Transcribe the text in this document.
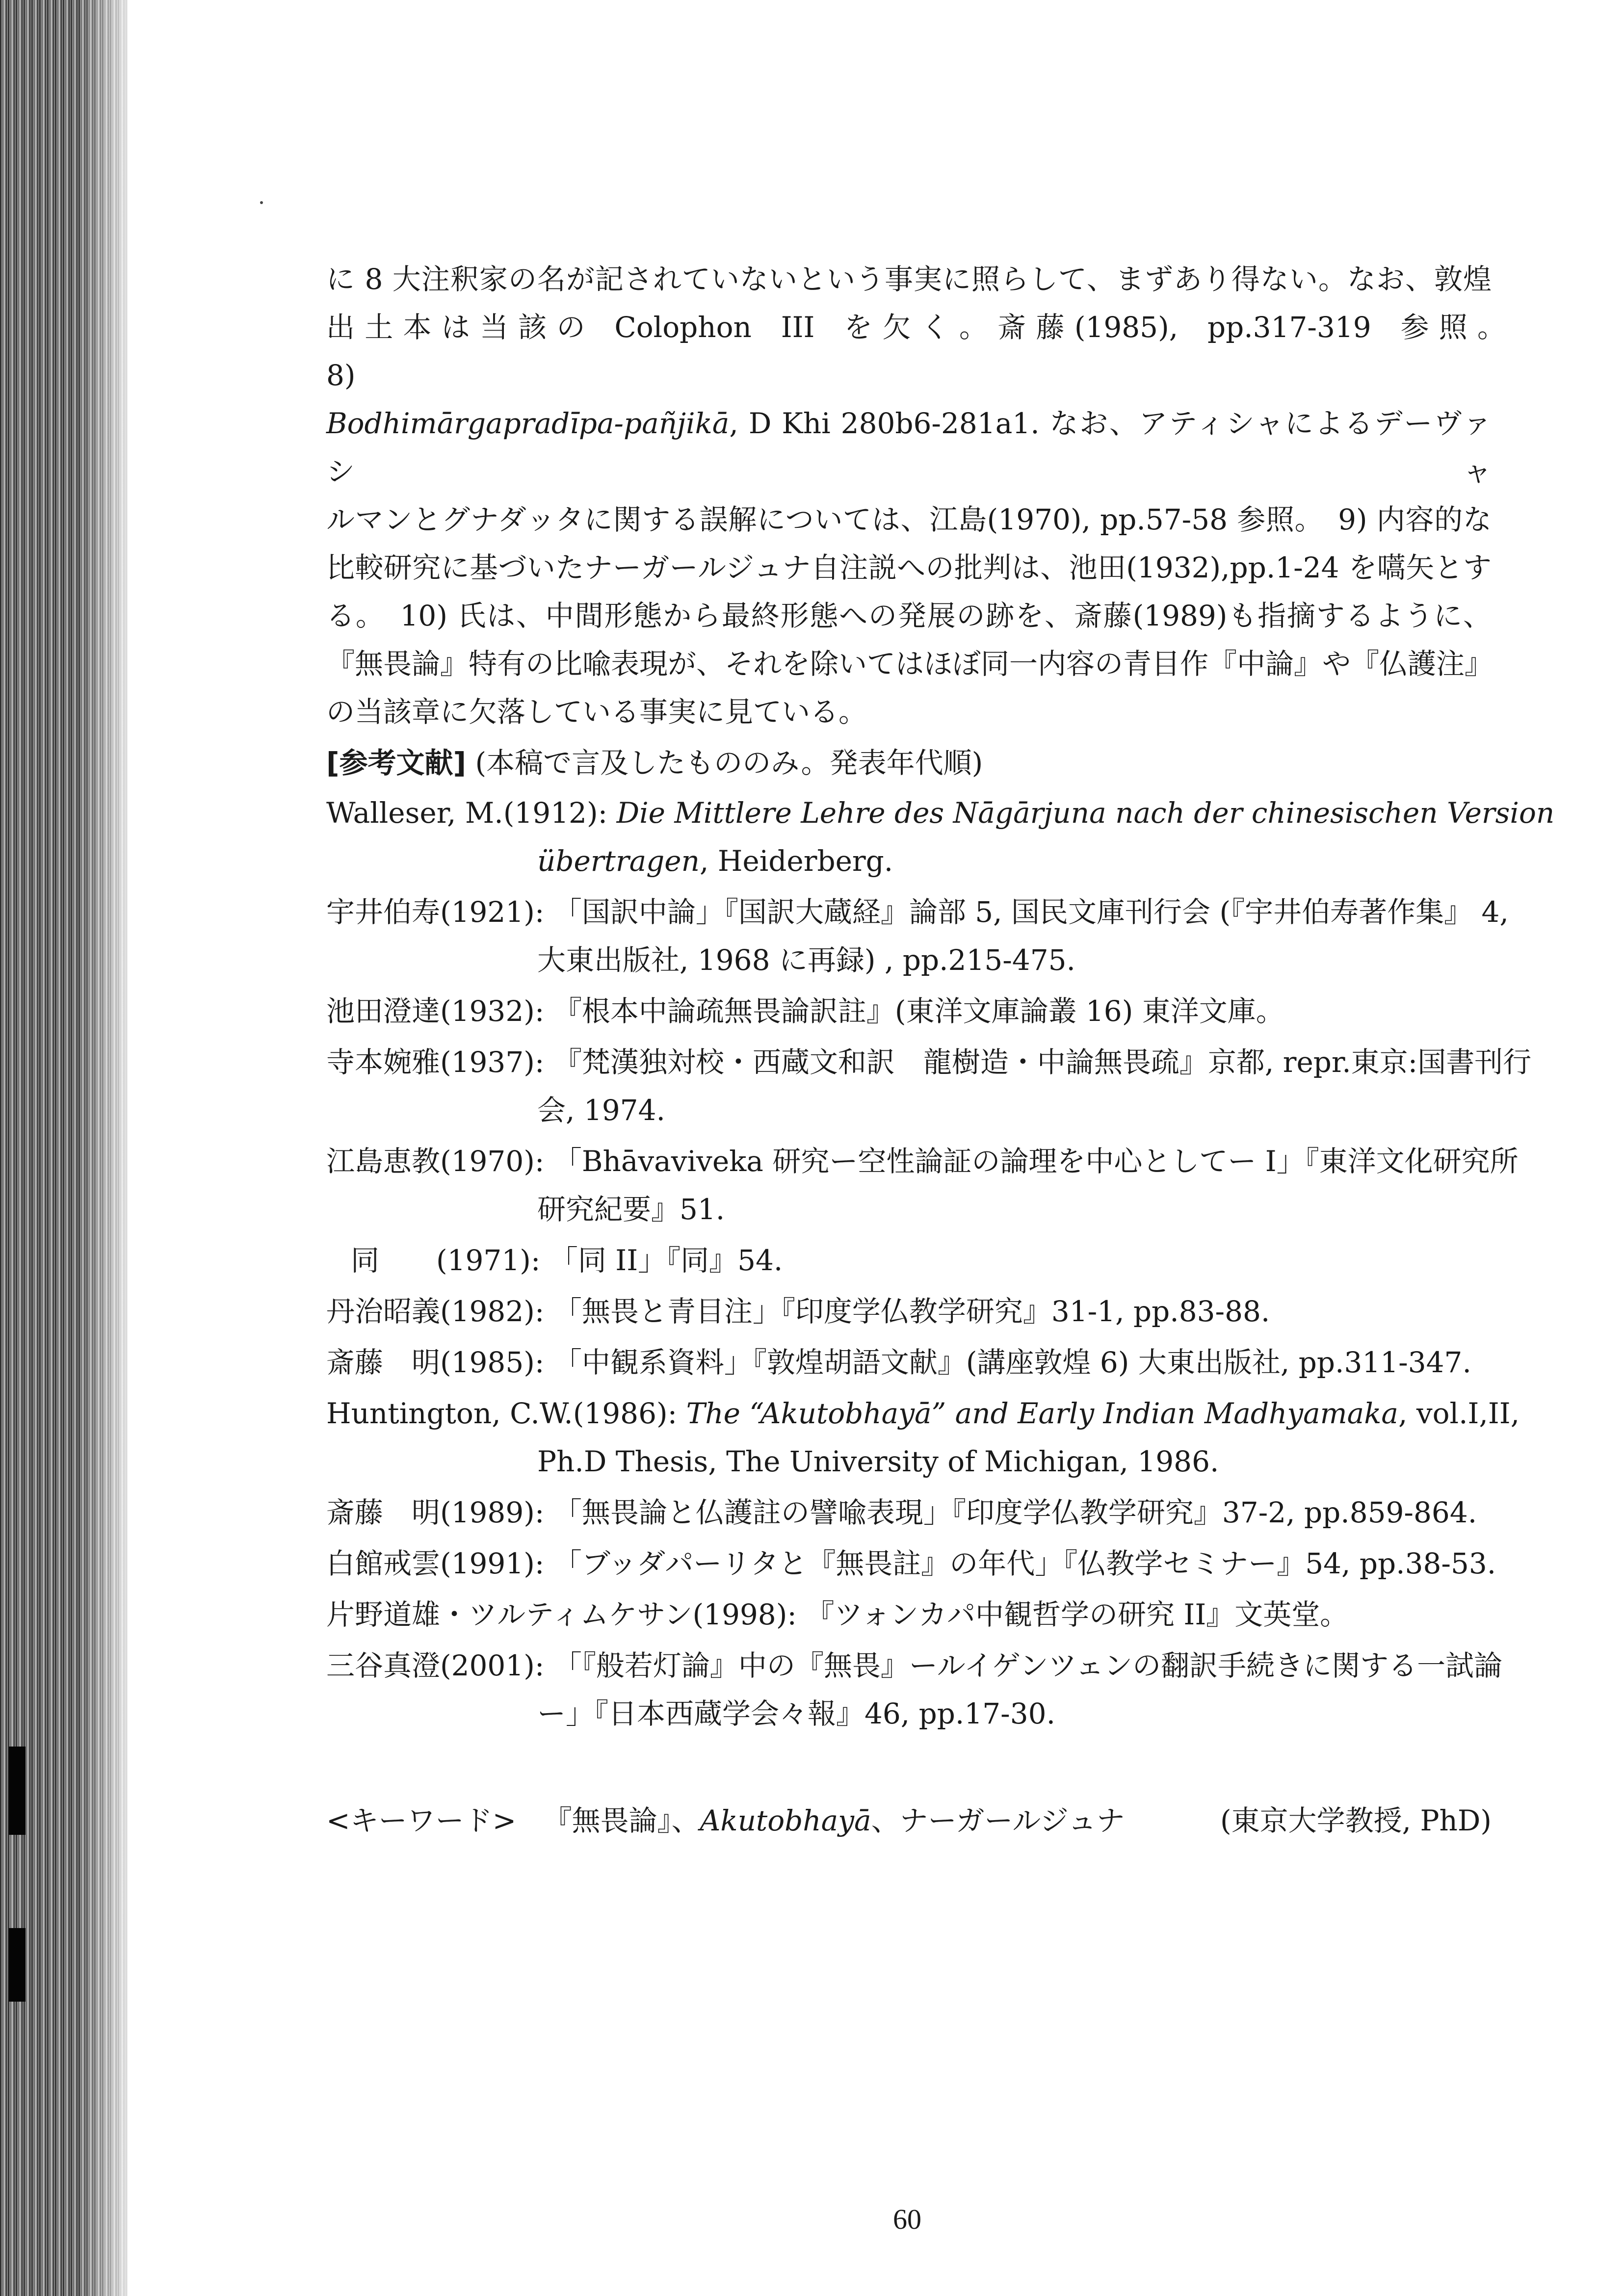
に 8 大注釈家の名が記されていないという事実に照らして、まずあり得ない。なお、敦煌
出 土 本 は 当 該 の　Colophon　III　を 欠 く 。 斎 藤 (1985),　pp.317-319　参 照 。　8)
Bodhimārgapradīpa-pañjikā, D Khi 280b6-281a1. なお、アティシャによるデーヴァシャ
ルマンとグナダッタに関する誤解については、江島(1970), pp.57-58 参照。　9) 内容的な
比較研究に基づいたナーガールジュナ自注説への批判は、池田(1932),pp.1-24 を嚆矢とす
る。　10) 氏は、中間形態から最終形態への発展の跡を、斎藤(1989)も指摘するように、
『無畏論』特有の比喩表現が、それを除いてはほぼ同一内容の青目作『中論』や『仏護注』
の当該章に欠落している事実に見ている。
[参考文献] (本稿で言及したもののみ。発表年代順)
Walleser, M.(1912): Die Mittlere Lehre des Nāgārjuna nach der chinesischen Version
übertragen, Heiderberg.
宇井伯寿(1921): 「国訳中論」『国訳大蔵経』論部 5, 国民文庫刊行会 (『宇井伯寿著作集』 4,
大東出版社, 1968 に再録) , pp.215-475.
池田澄達(1932): 『根本中論疏無畏論訳註』(東洋文庫論叢 16) 東洋文庫。
寺本婉雅(1937): 『梵漢独対校・西蔵文和訳　龍樹造・中論無畏疏』京都, repr.東京:国書刊行
会, 1974.
江島恵教(1970): 「Bhāvaviveka 研究ー空性論証の論理を中心としてー I」『東洋文化研究所
研究紀要』51.
同　　(1971): 「同 II」『同』54.
丹治昭義(1982): 「無畏と青目注」『印度学仏教学研究』31-1, pp.83-88.
斎藤　明(1985): 「中観系資料」『敦煌胡語文献』(講座敦煌 6) 大東出版社, pp.311-347.
Huntington, C.W.(1986): The “Akutobhayā” and Early Indian Madhyamaka, vol.I,II,
Ph.D Thesis, The University of Michigan, 1986.
斎藤　明(1989): 「無畏論と仏護註の譬喩表現」『印度学仏教学研究』37-2, pp.859-864.
白館戒雲(1991): 「ブッダパーリタと『無畏註』の年代」『仏教学セミナー』54, pp.38-53.
片野道雄・ツルティムケサン(1998): 『ツォンカパ中観哲学の研究 II』文英堂。
三谷真澄(2001): 「『般若灯論』中の『無畏』ールイゲンツェンの翻訳手続きに関する一試論
ー」『日本西蔵学会々報』46, pp.17-30.
<キーワード> 『無畏論』、Akutobhayā、ナーガールジュナ	(東京大学教授, PhD)
60
